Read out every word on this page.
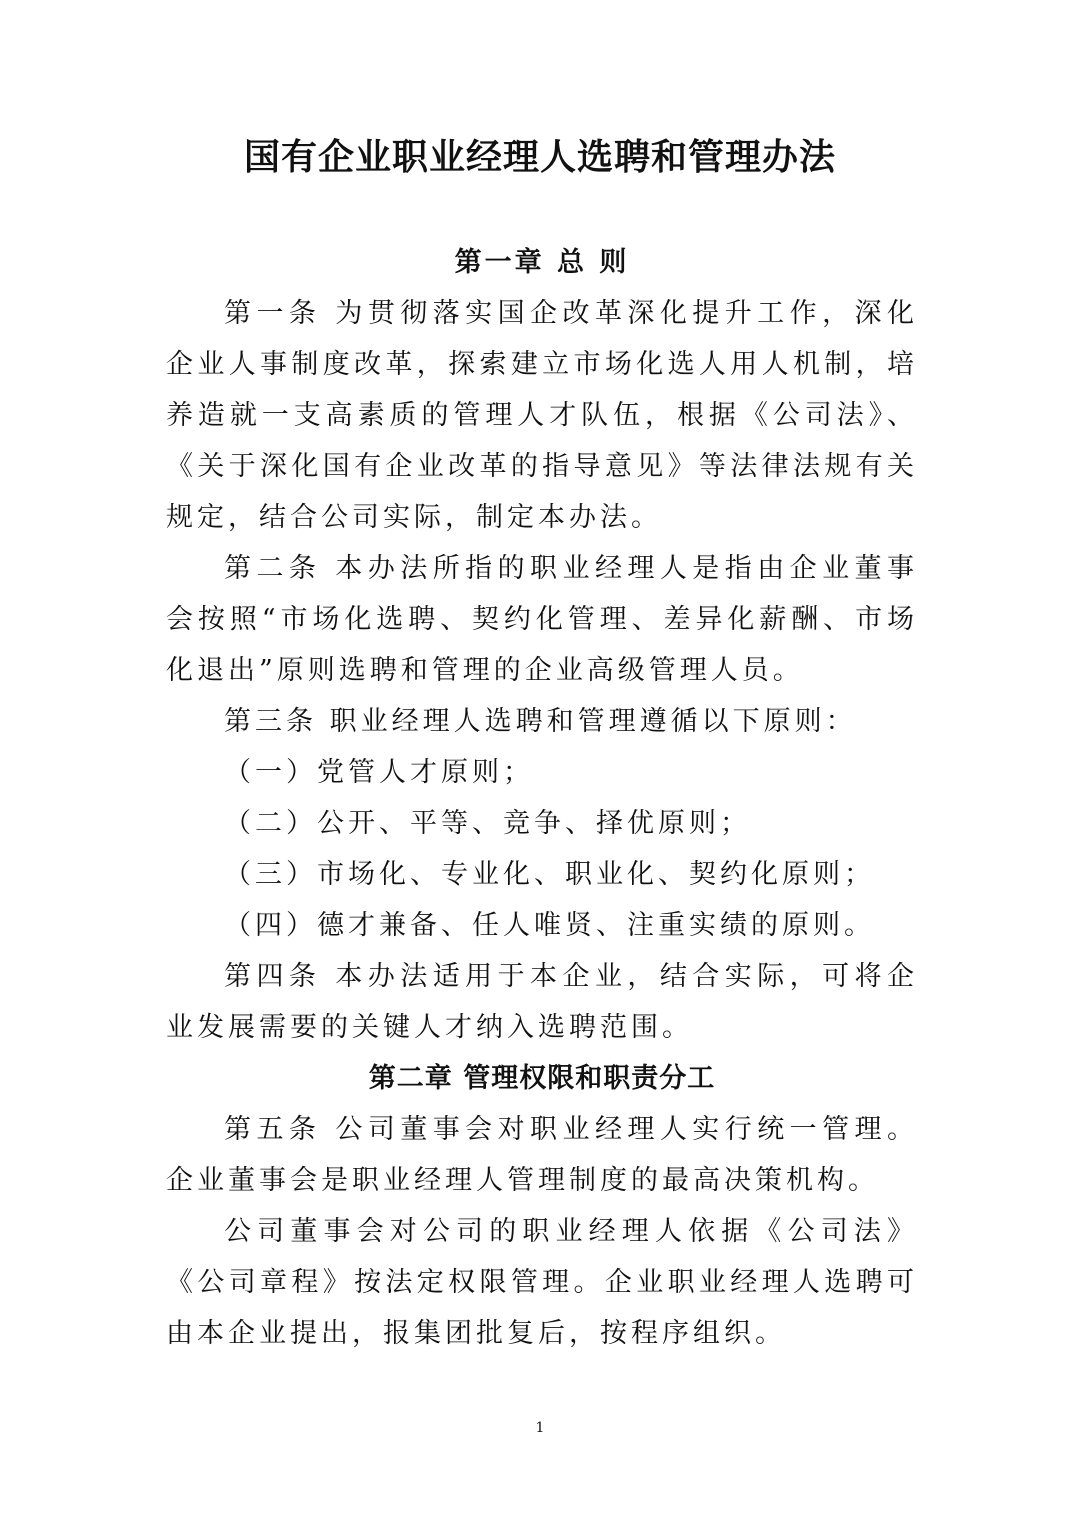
国有企业职业经理人选聘和管理办法
第一章 总 则

第一条 为贯彻落实国企改革深化提升工作，深化企业人事制度改革，探索建立市场化选人用人机制，培养造就一支高素质的管理人才队伍，根据《公司法》、《关于深化国有企业改革的指导意见》等法律法规有关规定，结合公司实际，制定本办法。

第二条 本办法所指的职业经理人是指由企业董事会按照“市场化选聘、契约化管理、差异化薪酬、市场化退出”原则选聘和管理的企业高级管理人员。

第三条 职业经理人选聘和管理遵循以下原则：

（一）党管人才原则；

（二）公开、平等、竞争、择优原则；

（三）市场化、专业化、职业化、契约化原则；

（四）德才兼备、任人唯贤、注重实绩的原则。

第四条 本办法适用于本企业，结合实际，可将企业发展需要的关键人才纳入选聘范围。

第二章 管理权限和职责分工

第五条 公司董事会对职业经理人实行统一管理。企业董事会是职业经理人管理制度的最高决策机构。

公司董事会对公司的职业经理人依据《公司法》《公司章程》按法定权限管理。企业职业经理人选聘可由本企业提出，报集团批复后，按程序组织。

1
